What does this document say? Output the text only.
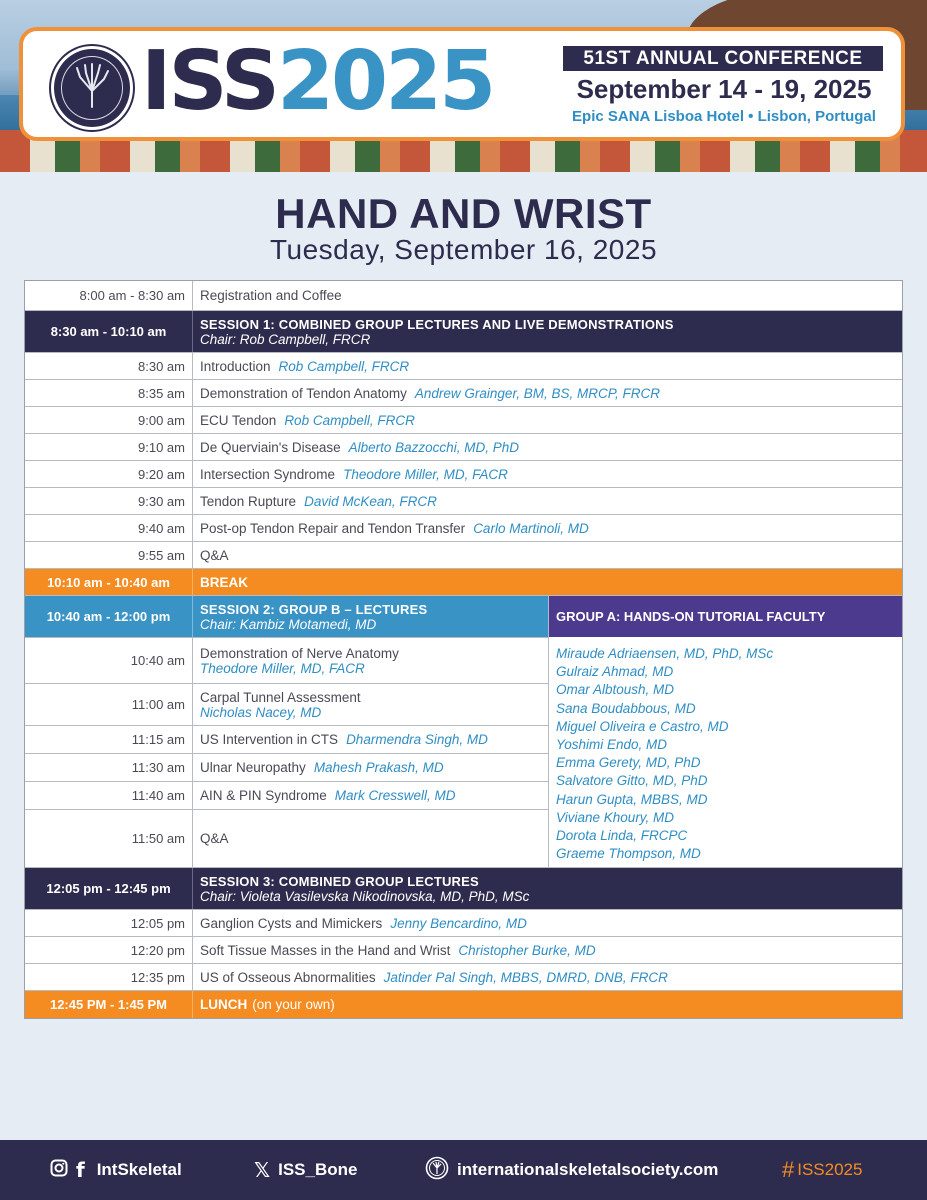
ISS2025	51ST ANNUAL CONFERENCE
September 14 - 19, 2025
Epic SANA Lisboa Hotel • Lisbon, Portugal
HAND AND WRIST
Tuesday, September 16, 2025
8:00 am - 8:30 am	Registration and Coffee
8:30 am - 10:10 am	SESSION 1: COMBINED GROUP LECTURES AND LIVE DEMONSTRATIONS
Chair: Rob Campbell, FRCR
8:30 am	Introduction Rob Campbell, FRCR
8:35 am	Demonstration of Tendon Anatomy Andrew Grainger, BM, BS, MRCP, FRCR
9:00 am	ECU Tendon Rob Campbell, FRCR
9:10 am	De Querviain's Disease Alberto Bazzocchi, MD, PhD
9:20 am	Intersection Syndrome Theodore Miller, MD, FACR
9:30 am	Tendon Rupture David McKean, FRCR
9:40 am	Post-op Tendon Repair and Tendon Transfer Carlo Martinoli, MD
9:55 am	Q&A
10:10 am - 10:40 am	BREAK
10:40 am - 12:00 pm	SESSION 2: GROUP B – LECTURES
Chair: Kambiz Motamedi, MD
10:40 am	Demonstration of Nerve Anatomy
Theodore Miller, MD, FACR
11:00 am	Carpal Tunnel Assessment
Nicholas Nacey, MD
11:15 am	US Intervention in CTS Dharmendra Singh, MD
11:30 am	Ulnar Neuropathy Mahesh Prakash, MD
11:40 am	AIN & PIN Syndrome Mark Cresswell, MD
11:50 am	Q&A
GROUP A: HANDS-ON TUTORIAL FACULTY
Miraude Adriaensen, MD, PhD, MSc
Gulraiz Ahmad, MD
Omar Albtoush, MD
Sana Boudabbous, MD
Miguel Oliveira e Castro, MD
Yoshimi Endo, MD
Emma Gerety, MD, PhD
Salvatore Gitto, MD, PhD
Harun Gupta, MBBS, MD
Viviane Khoury, MD
Dorota Linda, FRCPC
Graeme Thompson, MD
12:05 pm - 12:45 pm	SESSION 3: COMBINED GROUP LECTURES
Chair: Violeta Vasilevska Nikodinovska, MD, PhD, MSc
12:05 pm	Ganglion Cysts and Mimickers Jenny Bencardino, MD
12:20 pm	Soft Tissue Masses in the Hand and Wrist Christopher Burke, MD
12:35 pm	US of Osseous Abnormalities Jatinder Pal Singh, MBBS, DMRD, DNB, FRCR
12:45 PM - 1:45 PM	LUNCH (on your own)
f IntSkeletal	𝕏 ISS_Bone	internationalskeletalsociety.com	# ISS2025
